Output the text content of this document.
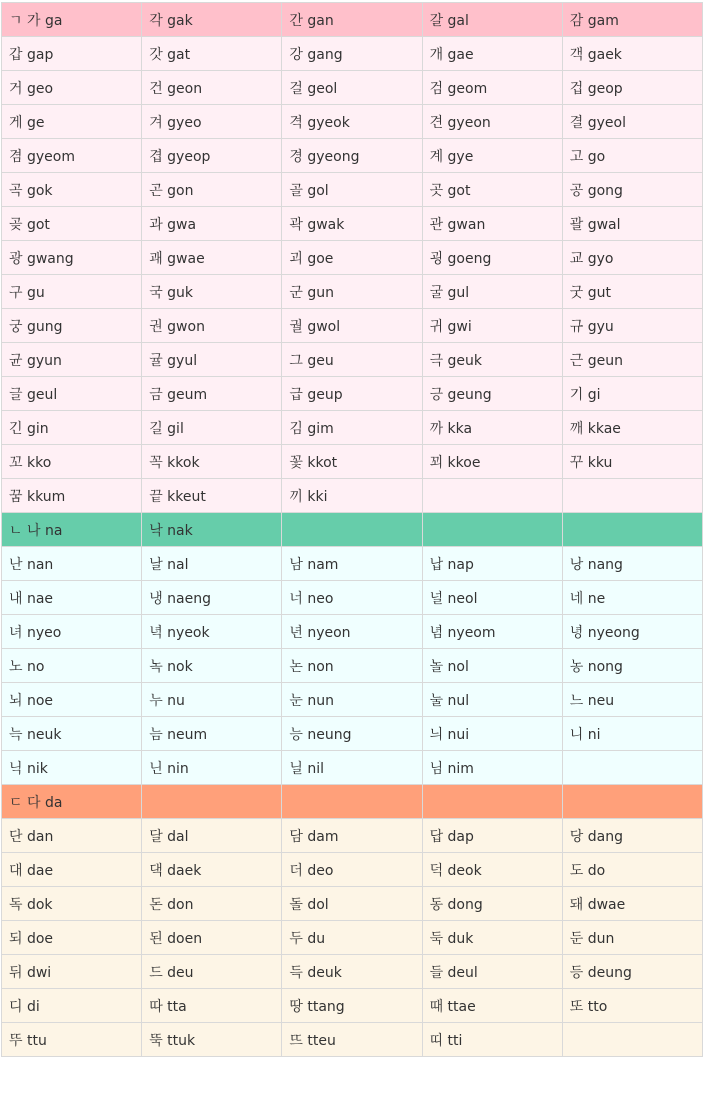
ㄱ 가 ga	각 gak	간 gan	갈 gal	감 gam
갑 gap	갓 gat	강 gang	개 gae	객 gaek
거 geo	건 geon	걸 geol	검 geom	겁 geop
게 ge	겨 gyeo	격 gyeok	견 gyeon	결 gyeol
겸 gyeom	겹 gyeop	경 gyeong	계 gye	고 go
곡 gok	곤 gon	골 gol	곳 got	공 gong
곶 got	과 gwa	곽 gwak	관 gwan	괄 gwal
광 gwang	괘 gwae	괴 goe	굉 goeng	교 gyo
구 gu	국 guk	군 gun	굴 gul	굿 gut
궁 gung	권 gwon	궐 gwol	귀 gwi	규 gyu
균 gyun	귤 gyul	그 geu	극 geuk	근 geun
글 geul	금 geum	급 geup	긍 geung	기 gi
긴 gin	길 gil	김 gim	까 kka	깨 kkae
꼬 kko	꼭 kkok	꽃 kkot	꾀 kkoe	꾸 kku
꿈 kkum	끝 kkeut	끼 kki		
ㄴ 나 na	낙 nak			
난 nan	날 nal	남 nam	납 nap	낭 nang
내 nae	냉 naeng	너 neo	널 neol	네 ne
녀 nyeo	녁 nyeok	년 nyeon	념 nyeom	녕 nyeong
노 no	녹 nok	논 non	놀 nol	농 nong
뇌 noe	누 nu	눈 nun	눌 nul	느 neu
늑 neuk	늠 neum	능 neung	늬 nui	니 ni
닉 nik	닌 nin	닐 nil	님 nim	
ㄷ 다 da				
단 dan	달 dal	담 dam	답 dap	당 dang
대 dae	댁 daek	더 deo	덕 deok	도 do
독 dok	돈 don	돌 dol	동 dong	돼 dwae
되 doe	된 doen	두 du	둑 duk	둔 dun
뒤 dwi	드 deu	득 deuk	들 deul	등 deung
디 di	따 tta	땅 ttang	때 ttae	또 tto
뚜 ttu	뚝 ttuk	뜨 tteu	띠 tti	
